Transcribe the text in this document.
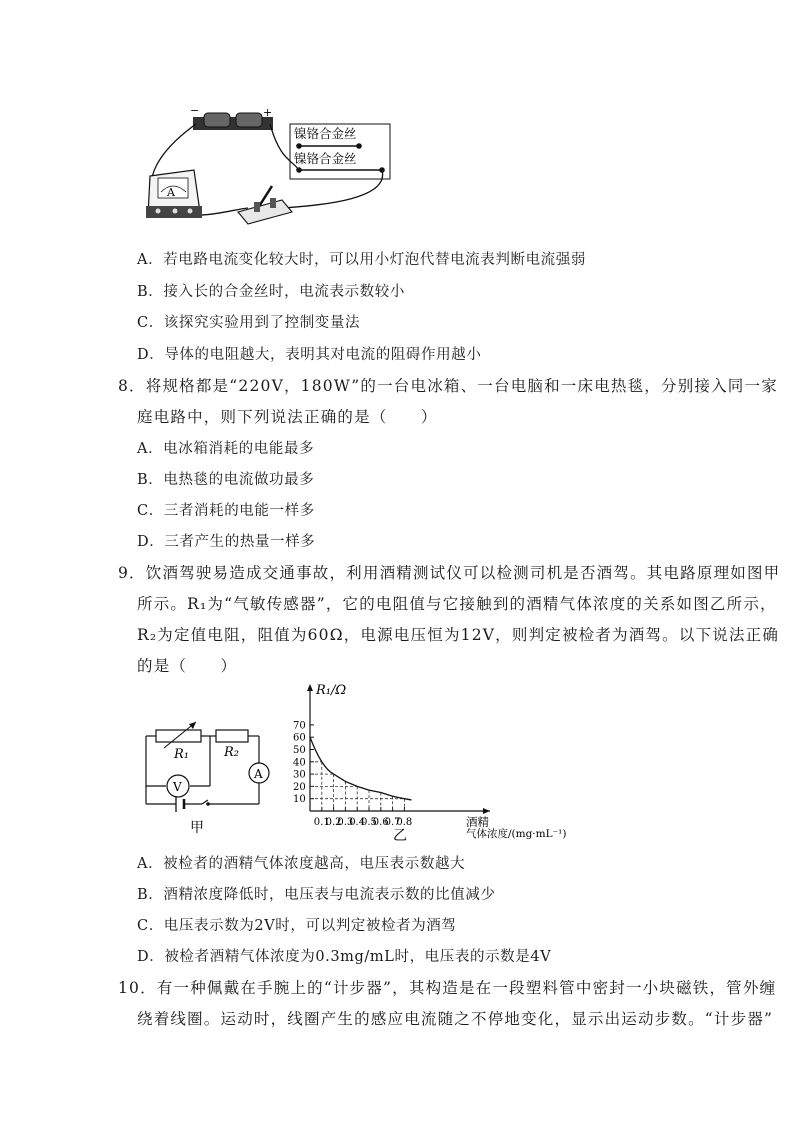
−	+
镍铬合金丝
镍铬合金丝
A
A．若电路电流变化较大时，可以用小灯泡代替电流表判断电流强弱
B．接入长的合金丝时，电流表示数较小
C．该探究实验用到了控制变量法
D．导体的电阻越大，表明其对电流的阻碍作用越小
8．将规格都是“220V，180W”的一台电冰箱、一台电脑和一床电热毯，分别接入同一家
庭电路中，则下列说法正确的是（　　）
A．电冰箱消耗的电能最多
B．电热毯的电流做功最多
C．三者消耗的电能一样多
D．三者产生的热量一样多
9．饮酒驾驶易造成交通事故，利用酒精测试仪可以检测司机是否酒驾。其电路原理如图甲
所示。R₁为“气敏传感器”，它的电阻值与它接触到的酒精气体浓度的关系如图乙所示，
R₂为定值电阻，阻值为60Ω，电源电压恒为12V，则判定被检者为酒驾。以下说法正确
的是（　　）
R₁	R₂
V
A
甲
R₁/Ω
10
20
30
40
50
60
70
0.1
0.2
0.3
0.4
0.5
0.6
0.7
0.8	酒精
气体浓度/(mg·mL⁻¹)
乙
A．被检者的酒精气体浓度越高，电压表示数越大
B．酒精浓度降低时，电压表与电流表示数的比值减少
C．电压表示数为2V时，可以判定被检者为酒驾
D．被检者酒精气体浓度为0.3mg/mL时，电压表的示数是4V
10．有一种佩戴在手腕上的“计步器”，其构造是在一段塑料管中密封一小块磁铁，管外缠
绕着线圈。运动时，线圈产生的感应电流随之不停地变化，显示出运动步数。“计步器”
